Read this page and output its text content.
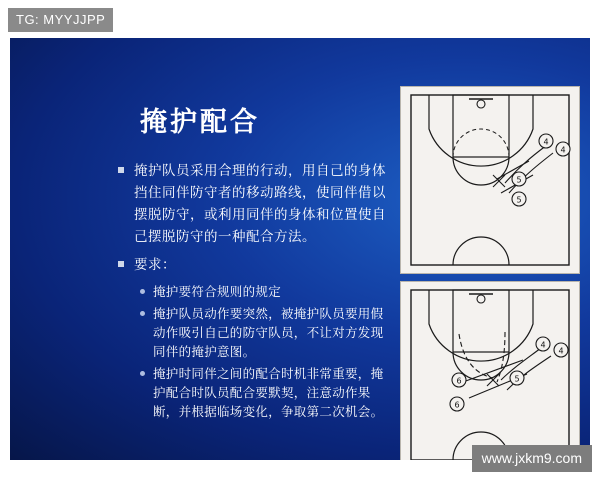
TG: MYYJJPP
掩护配合
掩护队员采用合理的行动，用自己的身体挡住同伴防守者的移动路线，使同伴借以摆脱防守，或利用同伴的身体和位置使自己摆脱防守的一种配合方法。
要求：
掩护要符合规则的规定
掩护队员动作要突然，被掩护队员要用假动作吸引自己的防守队员，不让对方发现同伴的掩护意图。
掩护时同伴之间的配合时机非常重要，掩护配合时队员配合要默契，注意动作果断，并根据临场变化，争取第二次机会。
4
4
5
5
4
4
6	5
6
www.jxkm9.com
